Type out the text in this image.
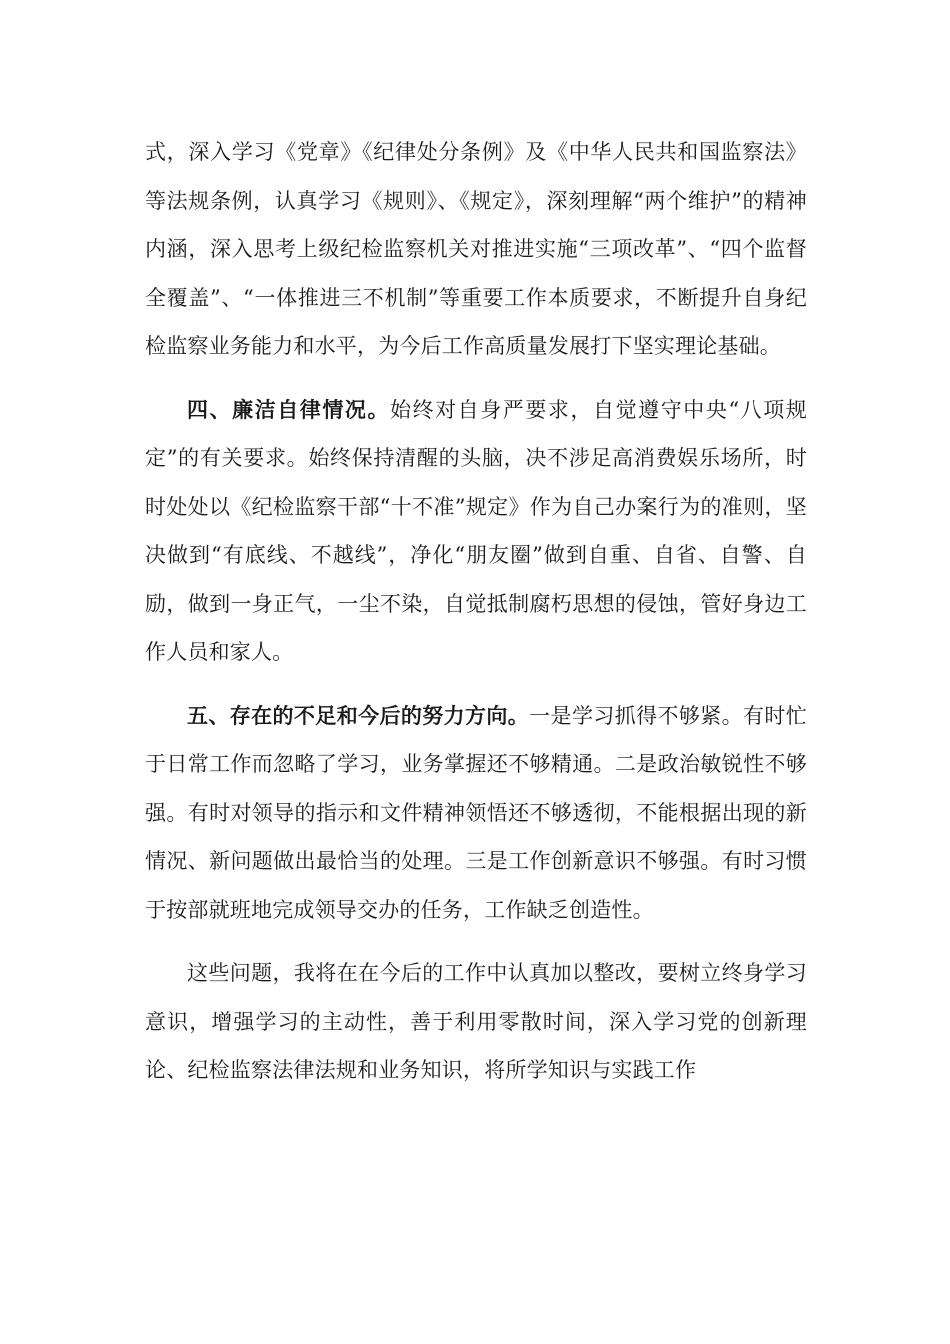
式，深入学习《党章》《纪律处分条例》及《中华人民共和国监察法》等法规条例，认真学习《规则》、《规定》，深刻理解“两个维护”的精神内涵，深入思考上级纪检监察机关对推进实施“三项改革”、“四个监督全覆盖”、“一体推进三不机制”等重要工作本质要求，不断提升自身纪检监察业务能力和水平，为今后工作高质量发展打下坚实理论基础。

四、廉洁自律情况。始终对自身严要求，自觉遵守中央“八项规定”的有关要求。始终保持清醒的头脑，决不涉足高消费娱乐场所，时时处处以《纪检监察干部“十不准”规定》作为自己办案行为的准则，坚决做到“有底线、不越线”，净化“朋友圈”做到自重、自省、自警、自励，做到一身正气，一尘不染，自觉抵制腐朽思想的侵蚀，管好身边工作人员和家人。

五、存在的不足和今后的努力方向。一是学习抓得不够紧。有时忙于日常工作而忽略了学习，业务掌握还不够精通。二是政治敏锐性不够强。有时对领导的指示和文件精神领悟还不够透彻，不能根据出现的新情况、新问题做出最恰当的处理。三是工作创新意识不够强。有时习惯于按部就班地完成领导交办的任务，工作缺乏创造性。

这些问题，我将在在今后的工作中认真加以整改，要树立终身学习意识，增强学习的主动性，善于利用零散时间，深入学习党的创新理论、纪检监察法律法规和业务知识，将所学知识与实践工作
